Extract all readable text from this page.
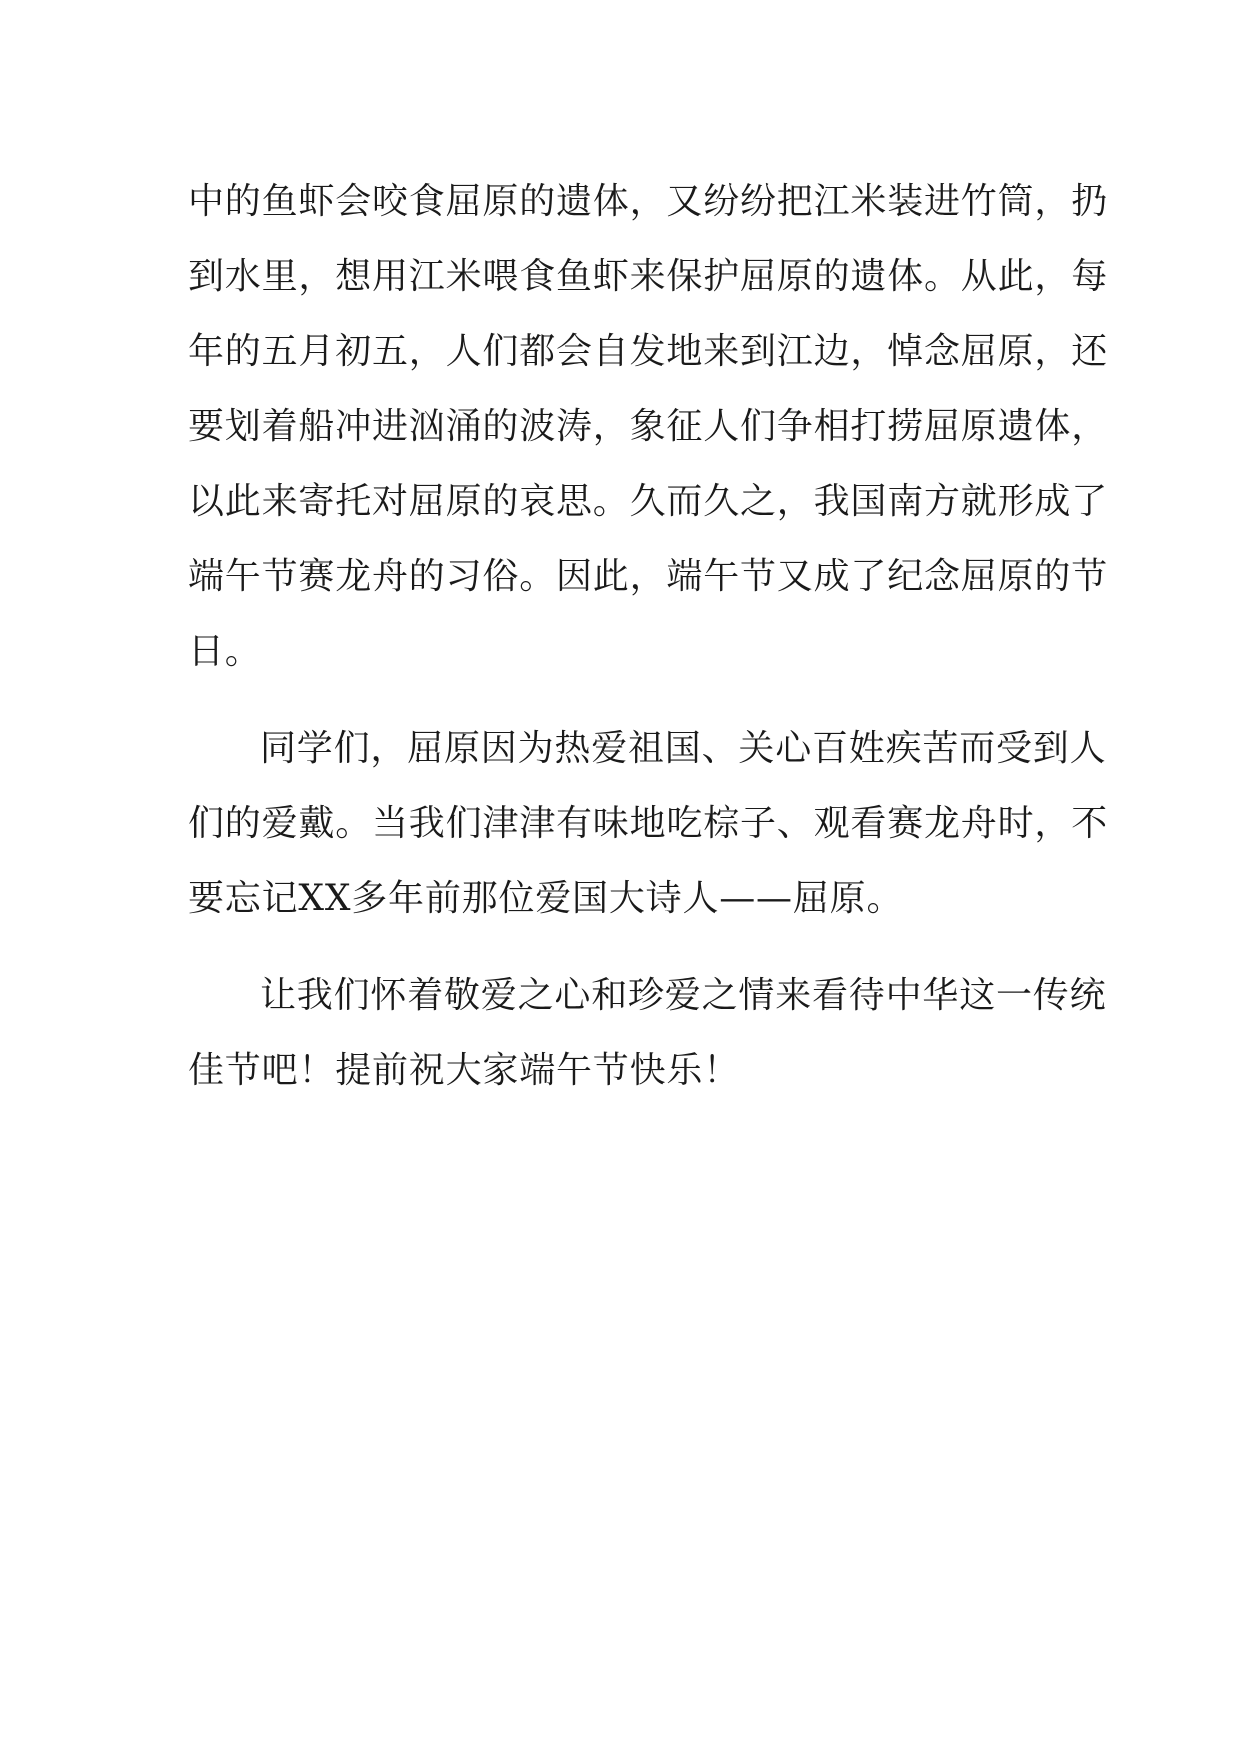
中的鱼虾会咬食屈原的遗体，又纷纷把江米装进竹筒，扔
到水里，想用江米喂食鱼虾来保护屈原的遗体。从此，每
年的五月初五，人们都会自发地来到江边，悼念屈原，还
要划着船冲进汹涌的波涛，象征人们争相打捞屈原遗体，
以此来寄托对屈原的哀思。久而久之，我国南方就形成了
端午节赛龙舟的习俗。因此，端午节又成了纪念屈原的节
日。
同学们，屈原因为热爱祖国、关心百姓疾苦而受到人
们的爱戴。当我们津津有味地吃棕子、观看赛龙舟时，不
要忘记XX多年前那位爱国大诗人——屈原。
让我们怀着敬爱之心和珍爱之情来看待中华这一传统
佳节吧！提前祝大家端午节快乐！
